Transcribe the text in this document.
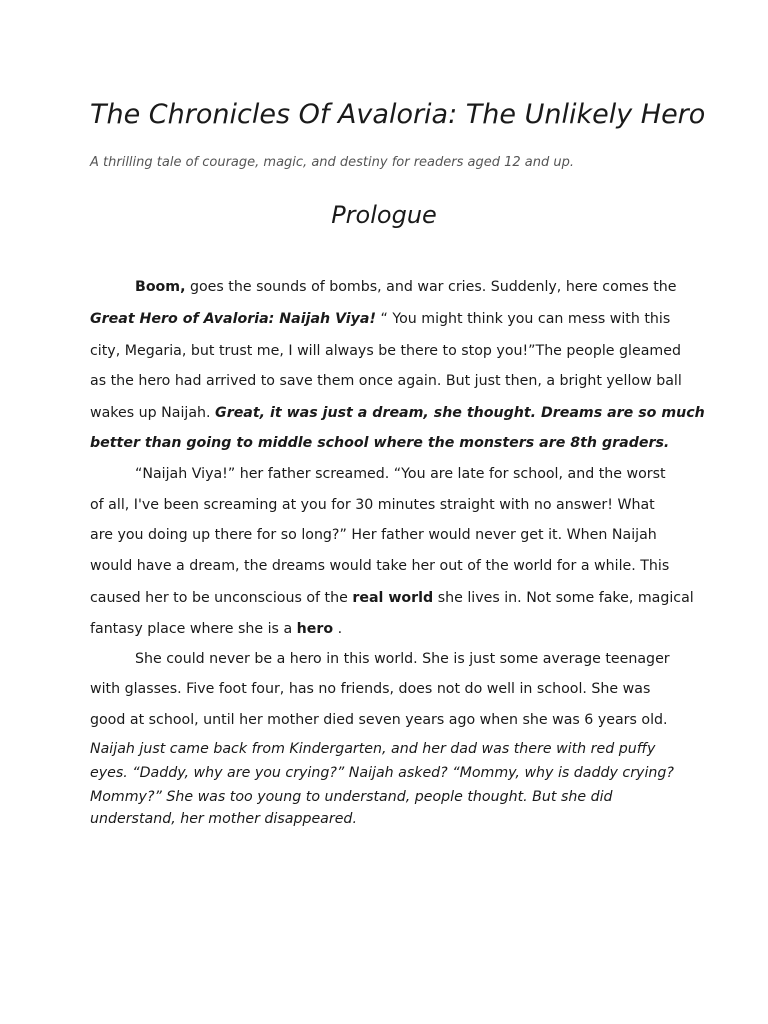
The Chronicles Of Avaloria: The Unlikely Hero

A thrilling tale of courage, magic, and destiny for readers aged 12 and up.

Prologue

Boom, goes the sounds of bombs, and war cries. Suddenly, here comes the

Great Hero of Avaloria: Naijah Viya! “ You might think you can mess with this

city, Megaria, but trust me, I will always be there to stop you!”The people gleamed

as the hero had arrived to save them once again. But just then, a bright yellow ball

wakes up Naijah. Great, it was just a dream, she thought. Dreams are so much

better than going to middle school where the monsters are 8th graders.

“Naijah Viya!” her father screamed. “You are late for school, and the worst

of all, I've been screaming at you for 30 minutes straight with no answer! What

are you doing up there for so long?” Her father would never get it. When Naijah

would have a dream, the dreams would take her out of the world for a while. This

caused her to be unconscious of the real world she lives in. Not some fake, magical

fantasy place where she is a hero .

She could never be a hero in this world. She is just some average teenager

with glasses. Five foot four, has no friends, does not do well in school. She was

good at school, until her mother died seven years ago when she was 6 years old.

Naijah just came back from Kindergarten, and her dad was there with red puffy

eyes. “Daddy, why are you crying?” Naijah asked? “Mommy, why is daddy crying?

Mommy?” She was too young to understand, people thought. But she did

understand, her mother disappeared.
